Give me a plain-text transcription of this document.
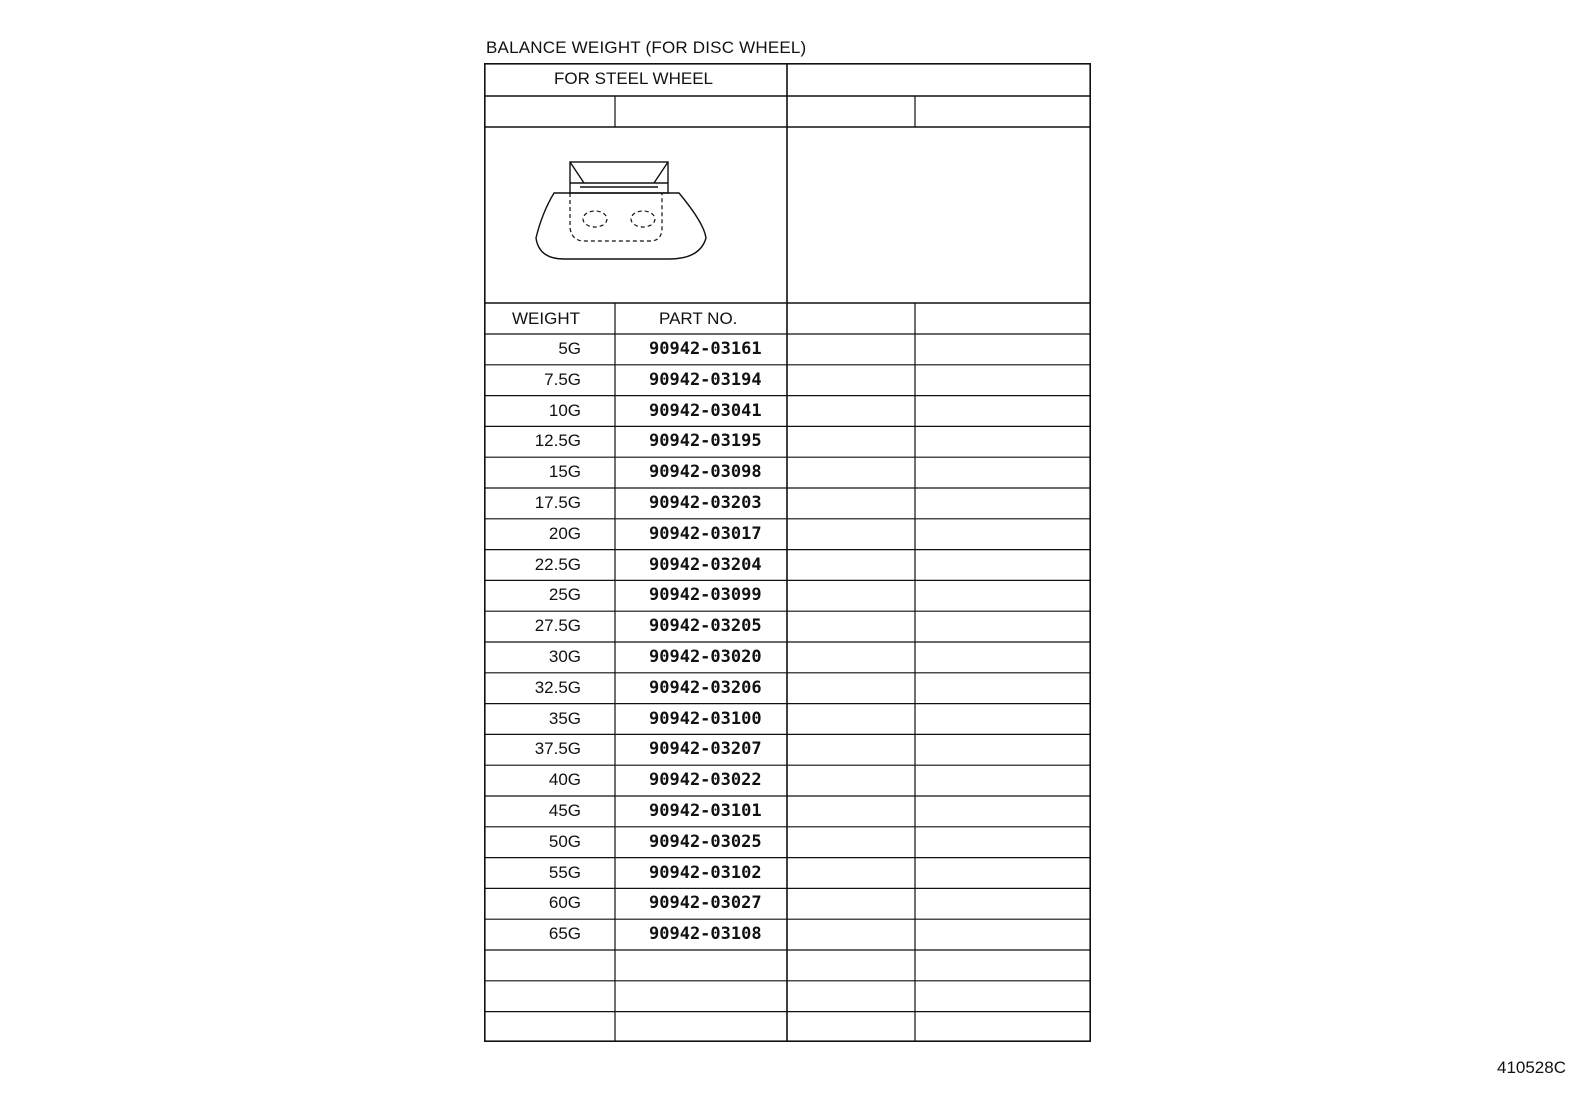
BALANCE WEIGHT (FOR DISC WHEEL)
FOR STEEL WHEEL
WEIGHT	PART NO.
5G	90942-03161
7.5G	90942-03194
10G	90942-03041
12.5G	90942-03195
15G	90942-03098
17.5G	90942-03203
20G	90942-03017
22.5G	90942-03204
25G	90942-03099
27.5G	90942-03205
30G	90942-03020
32.5G	90942-03206
35G	90942-03100
37.5G	90942-03207
40G	90942-03022
45G	90942-03101
50G	90942-03025
55G	90942-03102
60G	90942-03027
65G	90942-03108
410528C
